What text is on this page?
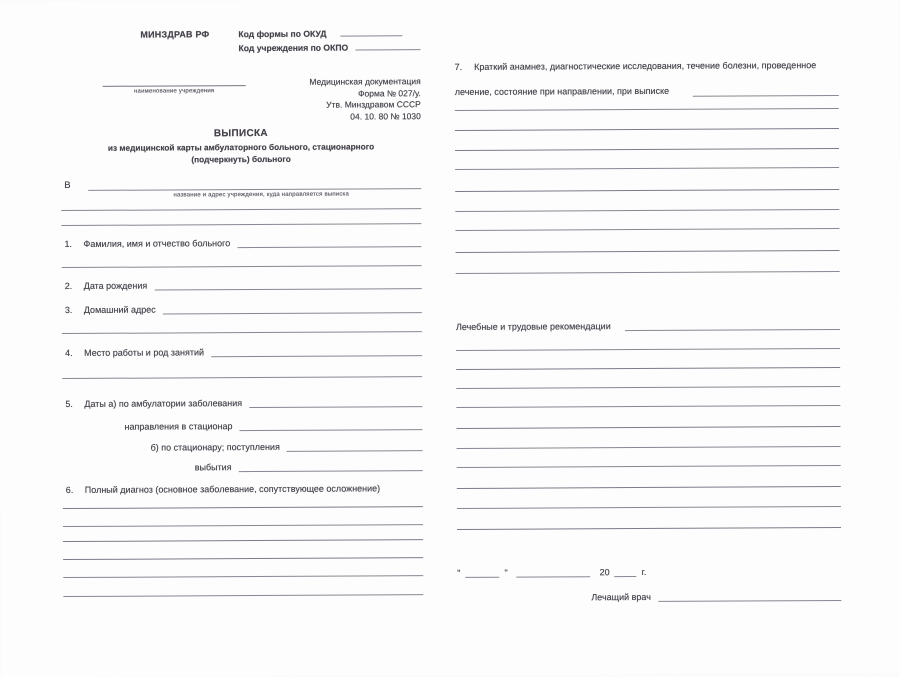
МИНЗДРАВ РФ	Код формы по ОКУД
Код учреждения по ОКПО
наименование учреждения
Медицинская документация
Форма № 027/у.
Утв. Минздравом СССР
04. 10. 80 № 1030
ВЫПИСКА
из медицинской карты амбулаторного больного, стационарного
(подчеркнуть) больного
В
название и адрес учреждения, куда направляется выписка
1.	Фамилия, имя и отчество больного
2.	Дата рождения
3.	Домашний адрес
4.	Место работы и род занятий
5.	Даты а) по амбулатории заболевания
направления в стационар
б) по стационару; поступления
выбытия
6.	Полный диагноз (основное заболевание, сопутствующее осложнение)
7. Краткий анамнез, диагностические исследования, течение болезни, проведенное
лечение, состояние при направлении, при выписке
Лечебные и трудовые рекомендации
"	"	20	г.
Лечащий врач
